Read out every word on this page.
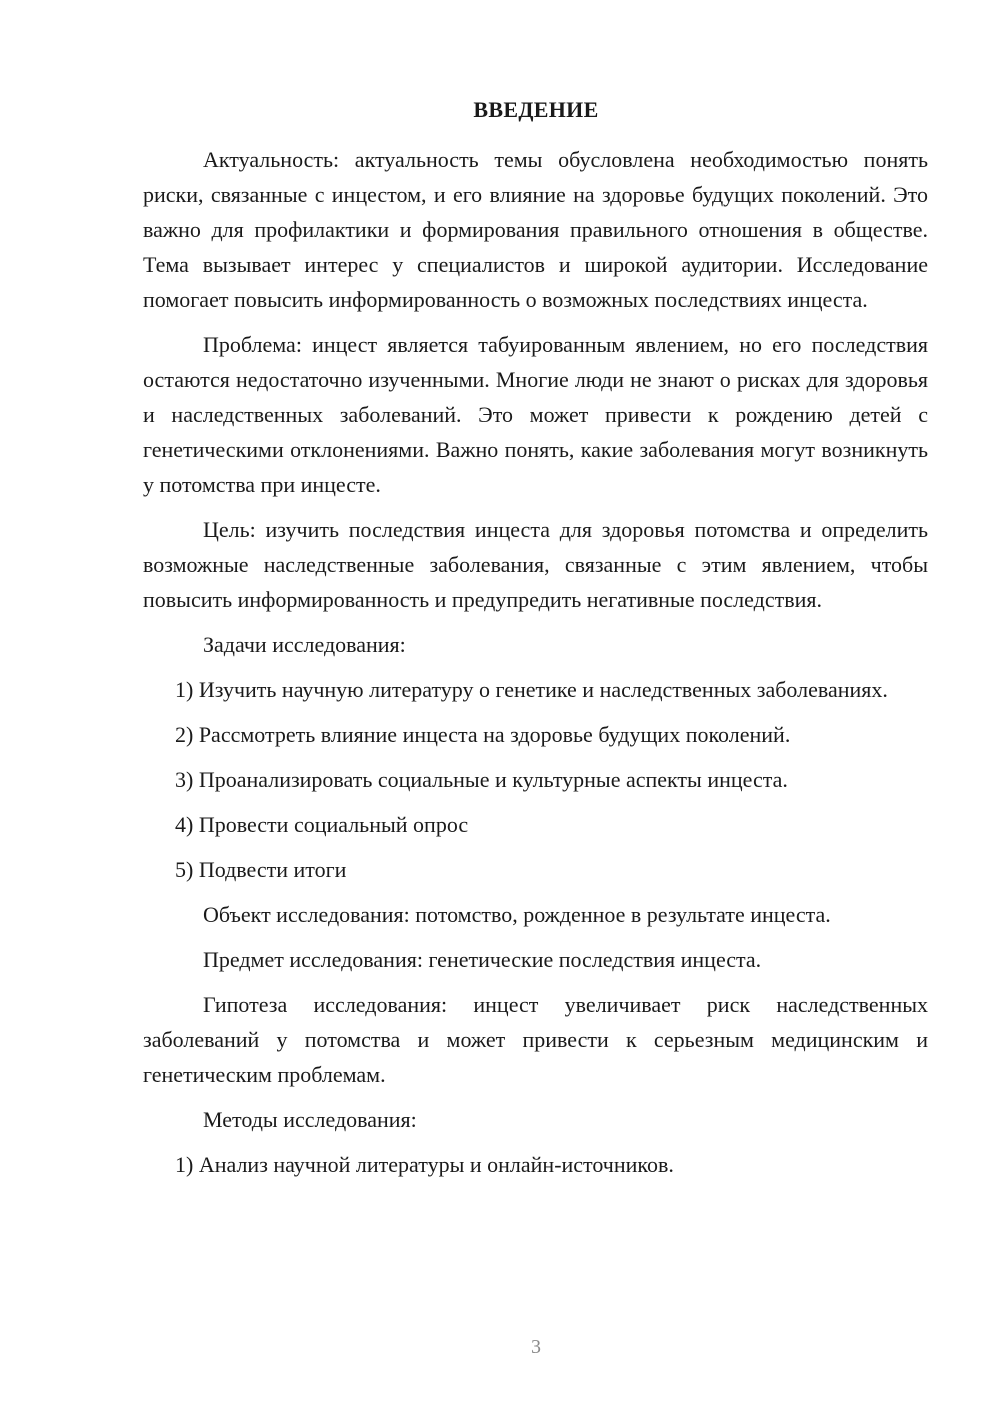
ВВЕДЕНИЕ

Актуальность: актуальность темы обусловлена необходимостью понять риски, связанные с инцестом, и его влияние на здоровье будущих поколений. Это важно для профилактики и формирования правильного отношения в обществе. Тема вызывает интерес у специалистов и широкой аудитории. Исследование помогает повысить информированность о возможных последствиях инцеста.

Проблема: инцест является табуированным явлением, но его последствия остаются недостаточно изученными. Многие люди не знают о рисках для здоровья и наследственных заболеваний. Это может привести к рождению детей с генетическими отклонениями. Важно понять, какие заболевания могут возникнуть у потомства при инцесте.

Цель: изучить последствия инцеста для здоровья потомства и определить возможные наследственные заболевания, связанные с этим явлением, чтобы повысить информированность и предупредить негативные последствия.

Задачи исследования:

1) Изучить научную литературу о генетике и наследственных заболеваниях.

2) Рассмотреть влияние инцеста на здоровье будущих поколений.

3) Проанализировать социальные и культурные аспекты инцеста.

4) Провести социальный опрос

5) Подвести итоги

Объект исследования: потомство, рожденное в результате инцеста.

Предмет исследования: генетические последствия инцеста.

Гипотеза исследования: инцест увеличивает риск наследственных заболеваний у потомства и может привести к серьезным медицинским и генетическим проблемам.

Методы исследования:

1) Анализ научной литературы и онлайн-источников.

3
